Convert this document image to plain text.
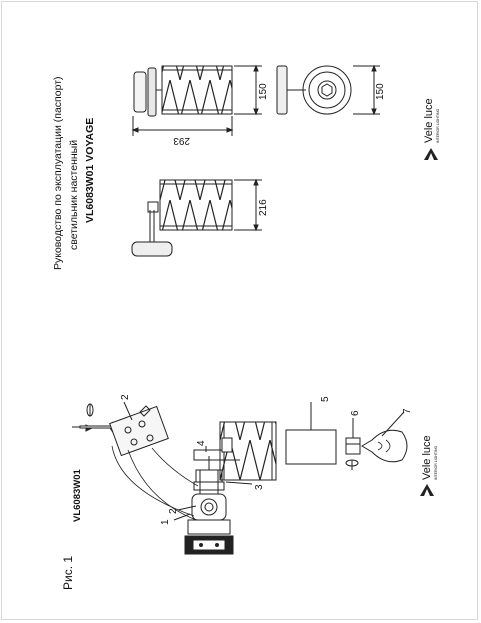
Руководство по эксплуатации (паспорт) светильник настенный VL6083W01 VOYAGE	293
150	150
216
Vele luce INTERIOR LIGHTING
Рис. 1
VL6083W01
1
2
2
3
4
5
6	7
Vele luce INTERIOR LIGHTING
